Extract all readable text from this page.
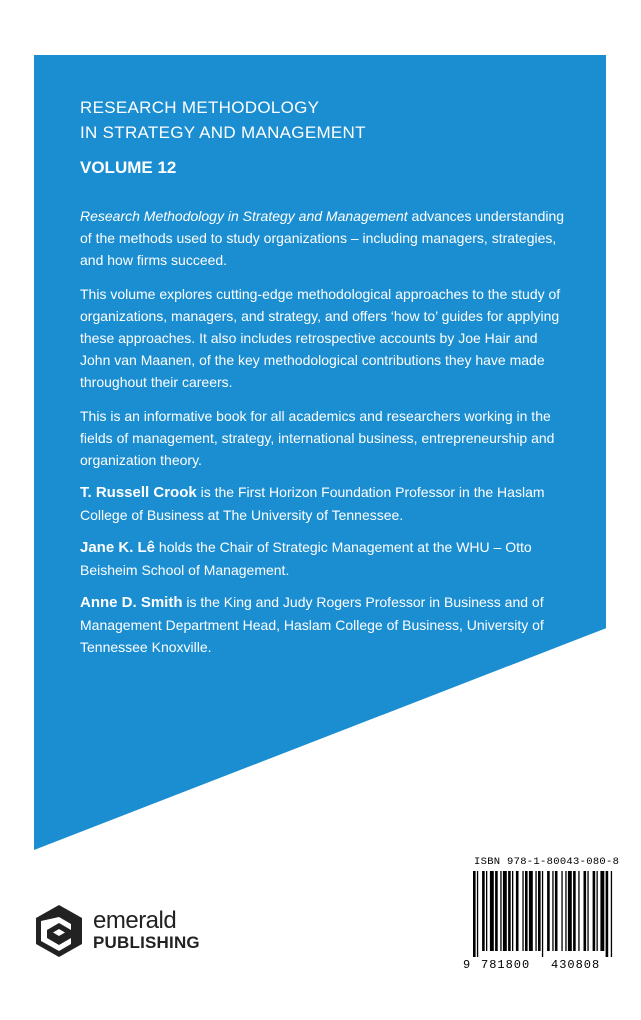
RESEARCH METHODOLOGY
IN STRATEGY AND MANAGEMENT

VOLUME 12

Research Methodology in Strategy and Management advances understanding of the methods used to study organizations – including managers, strategies, and how firms succeed.

This volume explores cutting-edge methodological approaches to the study of organizations, managers, and strategy, and offers ‘how to’ guides for applying these approaches. It also includes retrospective accounts by Joe Hair and John van Maanen, of the key methodological contributions they have made throughout their careers.

This is an informative book for all academics and researchers working in the fields of management, strategy, international business, entrepreneurship and organization theory.

T. Russell Crook is the First Horizon Foundation Professor in the Haslam College of Business at The University of Tennessee.

Jane K. Lê holds the Chair of Strategic Management at the WHU – Otto Beisheim School of Management.

Anne D. Smith is the King and Judy Rogers Professor in Business and of Management Department Head, Haslam College of Business, University of Tennessee Knoxville.

emerald
PUBLISHING
ISBN 978-1-80043-080-8
9 781800	430808
